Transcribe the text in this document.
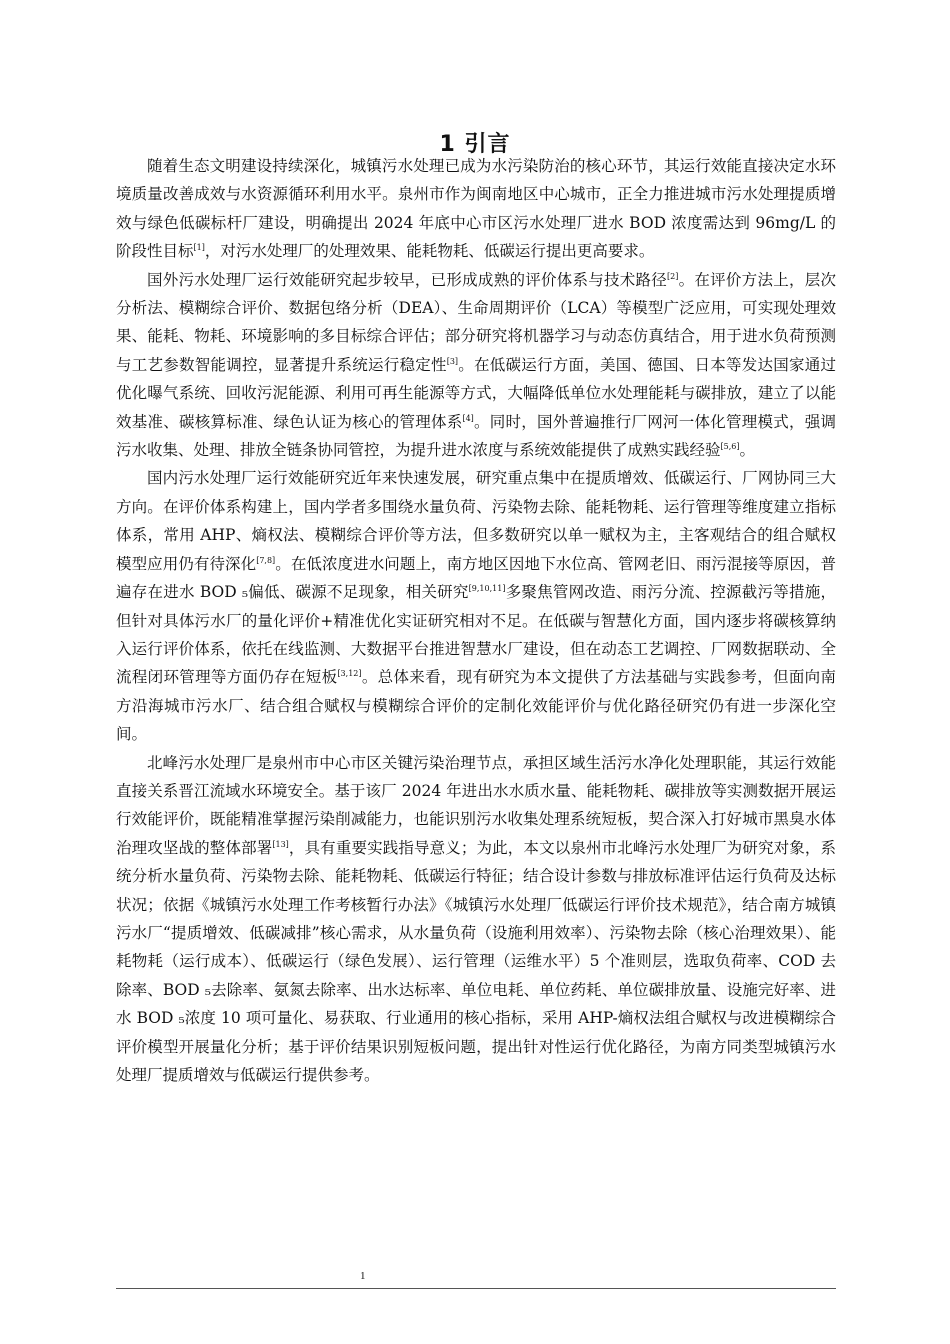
1 引言

随着生态文明建设持续深化，城镇污水处理已成为水污染防治的核心环节，其运行效能直接决定水环境质量改善成效与水资源循环利用水平。泉州市作为闽南地区中心城市，正全力推进城市污水处理提质增效与绿色低碳标杆厂建设，明确提出 2024 年底中心市区污水处理厂进水 BOD 浓度需达到 96mg/L 的阶段性目标[1]，对污水处理厂的处理效果、能耗物耗、低碳运行提出更高要求。

国外污水处理厂运行效能研究起步较早，已形成成熟的评价体系与技术路径[2]。在评价方法上，层次分析法、模糊综合评价、数据包络分析（DEA）、生命周期评价（LCA）等模型广泛应用，可实现处理效果、能耗、物耗、环境影响的多目标综合评估；部分研究将机器学习与动态仿真结合，用于进水负荷预测与工艺参数智能调控，显著提升系统运行稳定性[3]。在低碳运行方面，美国、德国、日本等发达国家通过优化曝气系统、回收污泥能源、利用可再生能源等方式，大幅降低单位水处理能耗与碳排放，建立了以能效基准、碳核算标准、绿色认证为核心的管理体系[4]。同时，国外普遍推行厂网河一体化管理模式，强调污水收集、处理、排放全链条协同管控，为提升进水浓度与系统效能提供了成熟实践经验[5,6]。

国内污水处理厂运行效能研究近年来快速发展，研究重点集中在提质增效、低碳运行、厂网协同三大方向。在评价体系构建上，国内学者多围绕水量负荷、污染物去除、能耗物耗、运行管理等维度建立指标体系，常用 AHP、熵权法、模糊综合评价等方法，但多数研究以单一赋权为主，主客观结合的组合赋权模型应用仍有待深化[7,8]。在低浓度进水问题上，南方地区因地下水位高、管网老旧、雨污混接等原因，普遍存在进水 BOD ₅偏低、碳源不足现象，相关研究[9,10,11]多聚焦管网改造、雨污分流、控源截污等措施，但针对具体污水厂的量化评价+精准优化实证研究相对不足。在低碳与智慧化方面，国内逐步将碳核算纳入运行评价体系，依托在线监测、大数据平台推进智慧水厂建设，但在动态工艺调控、厂网数据联动、全流程闭环管理等方面仍存在短板[3,12]。总体来看，现有研究为本文提供了方法基础与实践参考，但面向南方沿海城市污水厂、结合组合赋权与模糊综合评价的定制化效能评价与优化路径研究仍有进一步深化空间。

北峰污水处理厂是泉州市中心市区关键污染治理节点，承担区域生活污水净化处理职能，其运行效能直接关系晋江流域水环境安全。基于该厂 2024 年进出水水质水量、能耗物耗、碳排放等实测数据开展运行效能评价，既能精准掌握污染削减能力，也能识别污水收集处理系统短板，契合深入打好城市黑臭水体治理攻坚战的整体部署[13]，具有重要实践指导意义；为此，本文以泉州市北峰污水处理厂为研究对象，系统分析水量负荷、污染物去除、能耗物耗、低碳运行特征；结合设计参数与排放标准评估运行负荷及达标状况；依据《城镇污水处理工作考核暂行办法》《城镇污水处理厂低碳运行评价技术规范》，结合南方城镇污水厂“提质增效、低碳减排”核心需求，从水量负荷（设施利用效率）、污染物去除（核心治理效果）、能耗物耗（运行成本）、低碳运行（绿色发展）、运行管理（运维水平）5 个准则层，选取负荷率、COD 去除率、BOD ₅去除率、氨氮去除率、出水达标率、单位电耗、单位药耗、单位碳排放量、设施完好率、进水 BOD ₅浓度 10 项可量化、易获取、行业通用的核心指标，采用 AHP-熵权法组合赋权与改进模糊综合评价模型开展量化分析；基于评价结果识别短板问题，提出针对性运行优化路径，为南方同类型城镇污水处理厂提质增效与低碳运行提供参考。

1
